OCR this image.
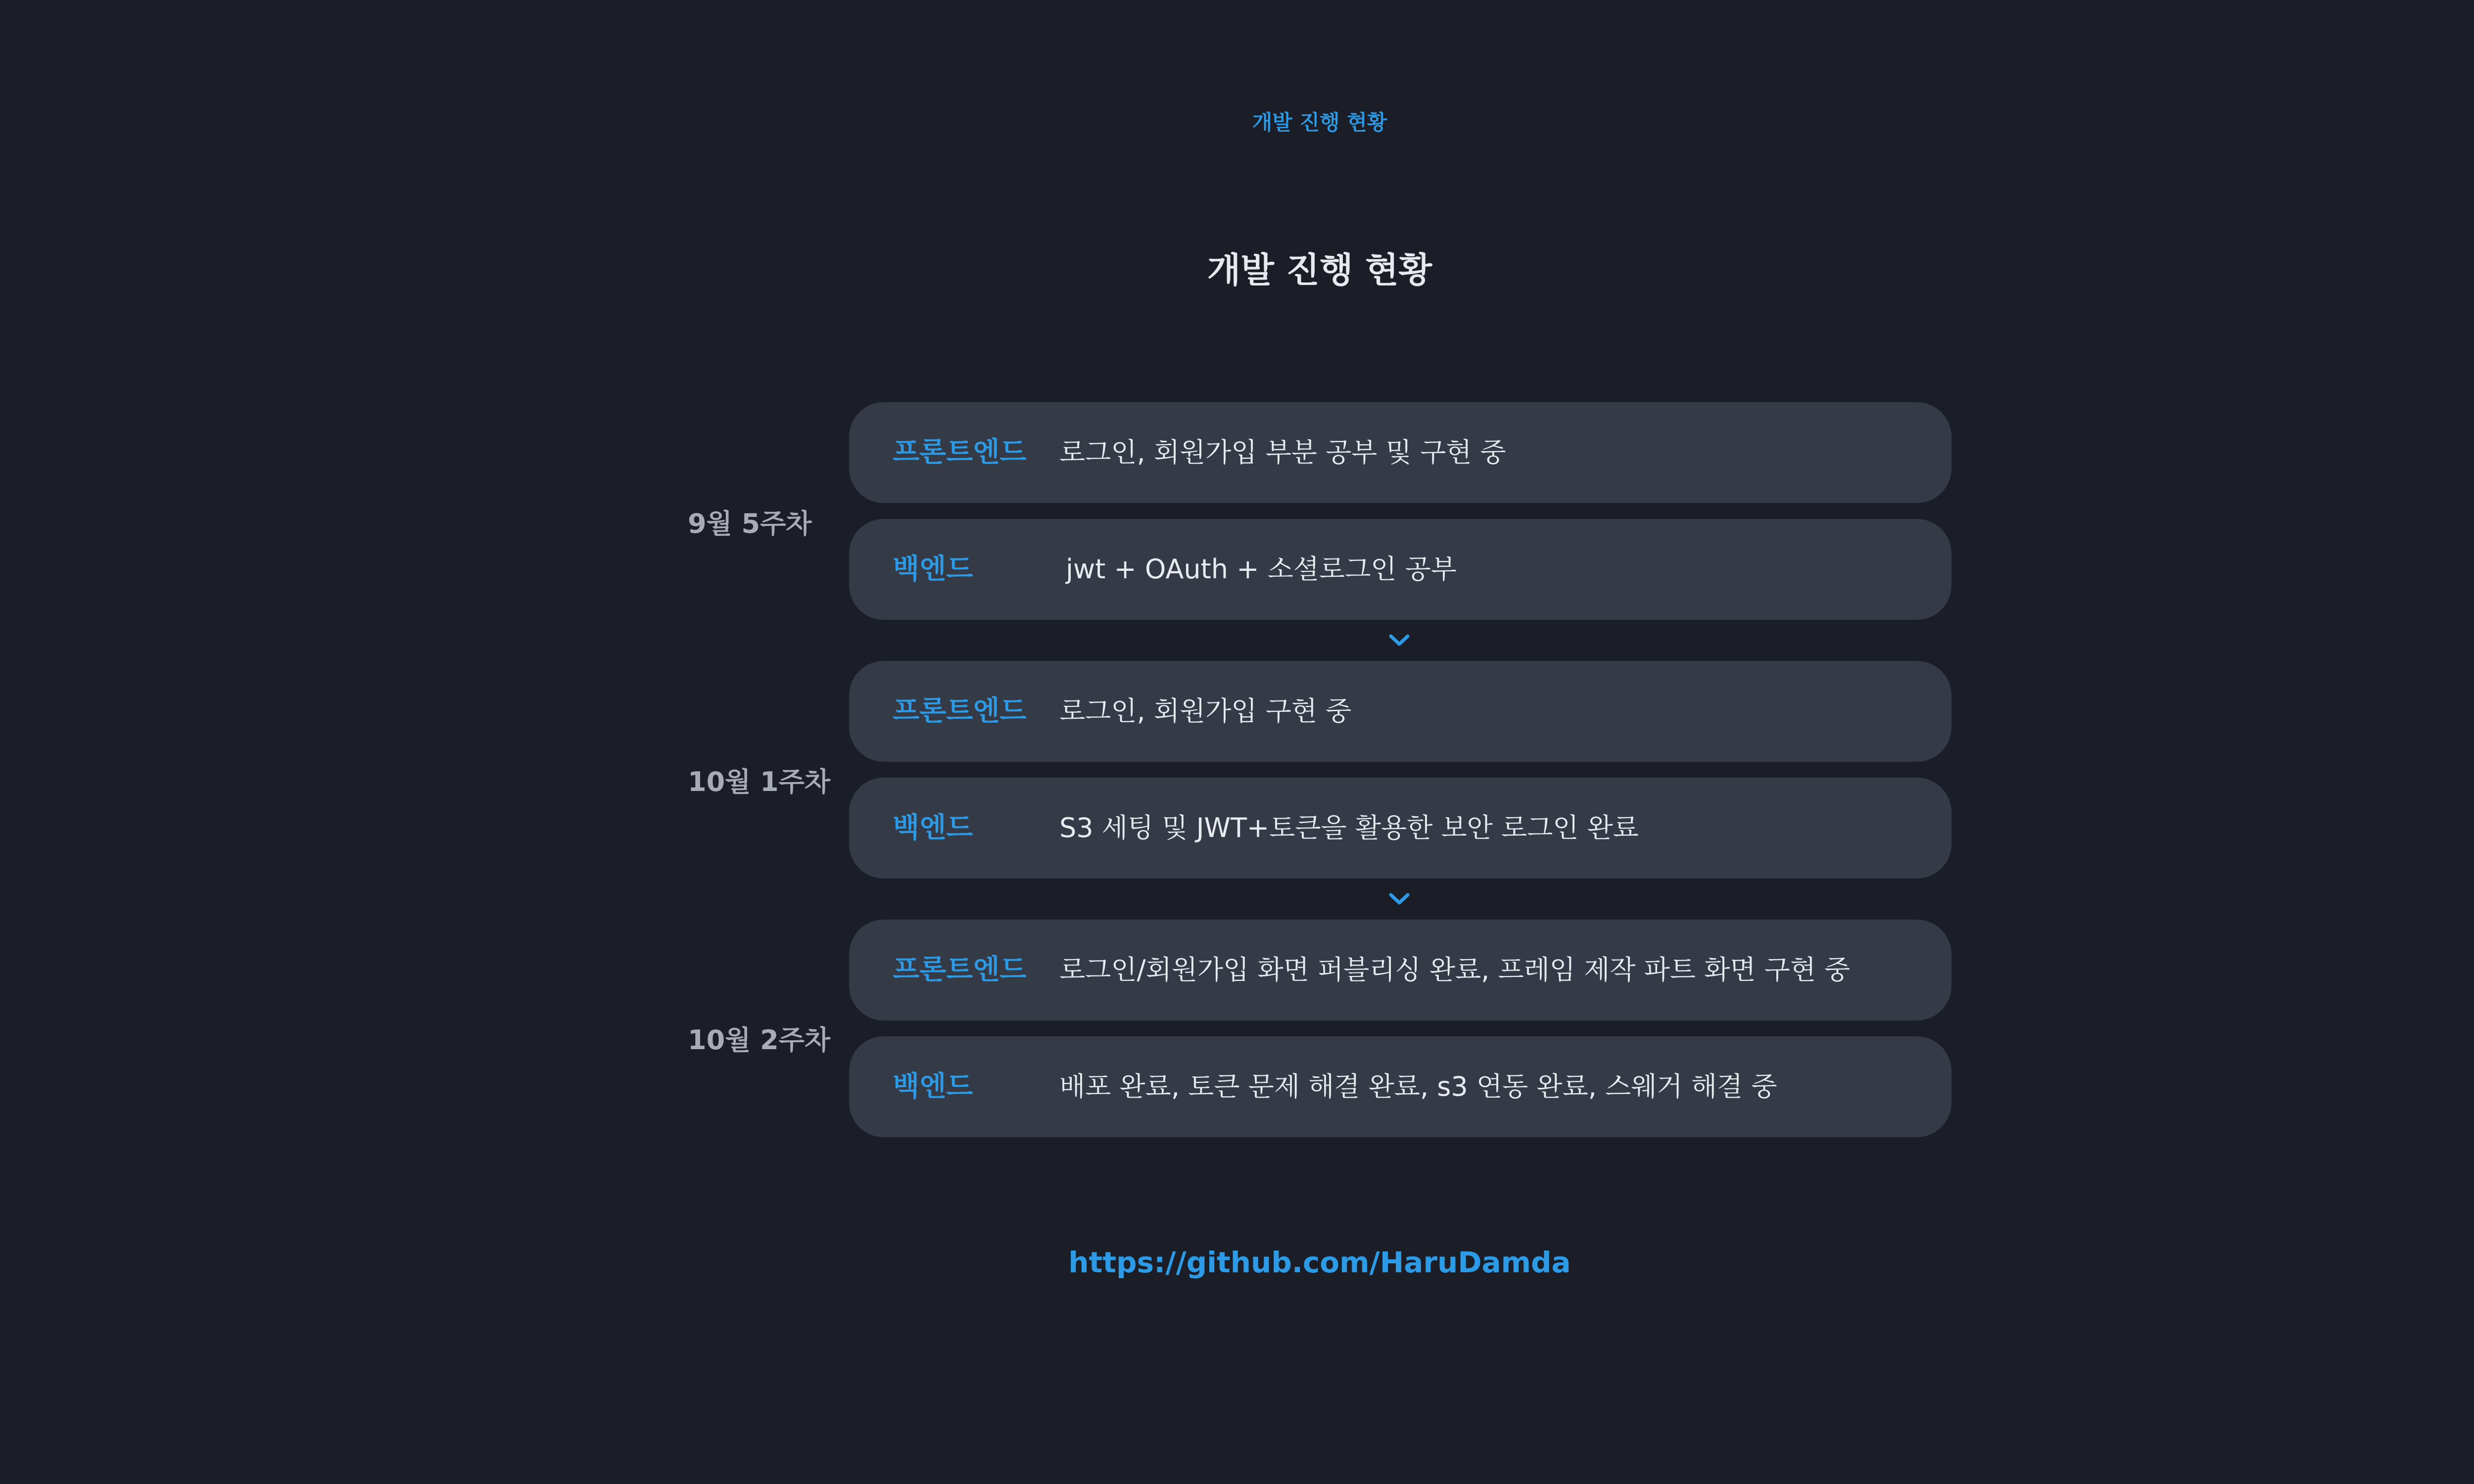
개발 진행 현황
개발 진행 현황
9월 5주차
프론트엔드 로그인, 회원가입 부분 공부 및 구현 중
백엔드	jwt + OAuth + 소셜로그인 공부
10월 1주차
프론트엔드 로그인, 회원가입 구현 중
백엔드	S3 세팅 및 JWT+토큰을 활용한 보안 로그인 완료
10월 2주차
프론트엔드 로그인/회원가입 화면 퍼블리싱 완료, 프레임 제작 파트 화면 구현 중
백엔드	배포 완료, 토큰 문제 해결 완료, s3 연동 완료, 스웨거 해결 중
https://github.com/HaruDamda
